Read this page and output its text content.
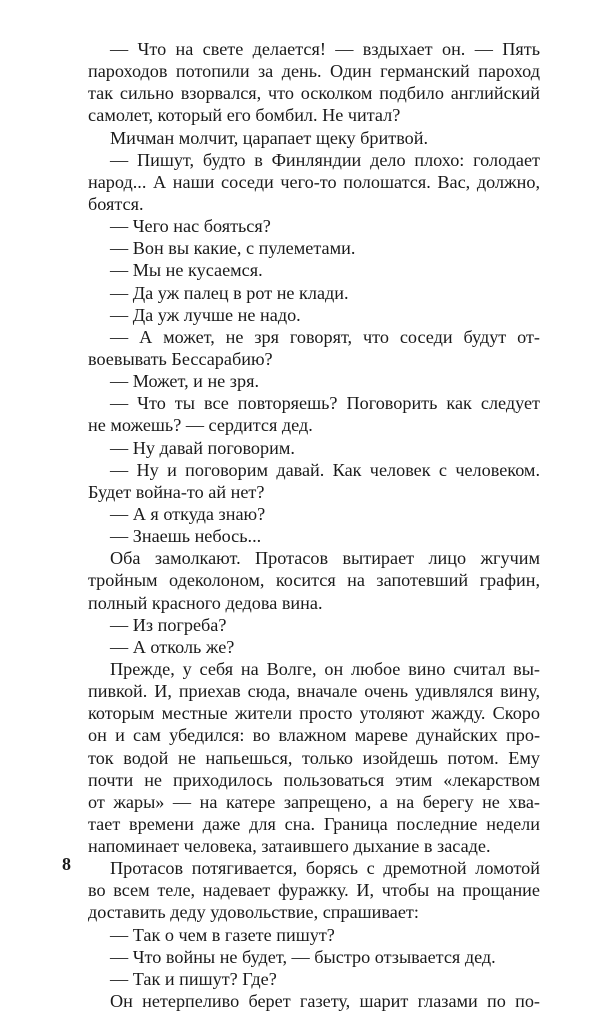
— Что на свете делается! — вздыхает он. — Пять
пароходов потопили за день. Один германский пароход
так сильно взорвался, что осколком подбило английский
самолет, который его бомбил. Не читал?
Мичман молчит, царапает щеку бритвой.
— Пишут, будто в Финляндии дело плохо: голодает
народ... А наши соседи чего-то полошатся. Вас, должно,
боятся.
— Чего нас бояться?
— Вон вы какие, с пулеметами.
— Мы не кусаемся.
— Да уж палец в рот не клади.
— Да уж лучше не надо.
— А может, не зря говорят, что соседи будут от-
воевывать Бессарабию?
— Может, и не зря.
— Что ты все повторяешь? Поговорить как следует
не можешь? — сердится дед.
— Ну давай поговорим.
— Ну и поговорим давай. Как человек с человеком.
Будет война-то ай нет?
— А я откуда знаю?
— Знаешь небось...
Оба замолкают. Протасов вытирает лицо жгучим
тройным одеколоном, косится на запотевший графин,
полный красного дедова вина.
— Из погреба?
— А отколь же?
Прежде, у себя на Волге, он любое вино считал вы-
пивкой. И, приехав сюда, вначале очень удивлялся вину,
которым местные жители просто утоляют жажду. Скоро
он и сам убедился: во влажном мареве дунайских про-
ток водой не напьешься, только изойдешь потом. Ему
почти не приходилось пользоваться этим «лекарством
от жары» — на катере запрещено, а на берегу не хва-
тает времени даже для сна. Граница последние недели
напоминает человека, затаившего дыхание в засаде.
Протасов потягивается, борясь с дремотной ломотой
во всем теле, надевает фуражку. И, чтобы на прощание
доставить деду удовольствие, спрашивает:
— Так о чем в газете пишут?
— Что войны не будет, — быстро отзывается дед.
— Так и пишут? Где?
Он нетерпеливо берет газету, шарит глазами по по-
8
